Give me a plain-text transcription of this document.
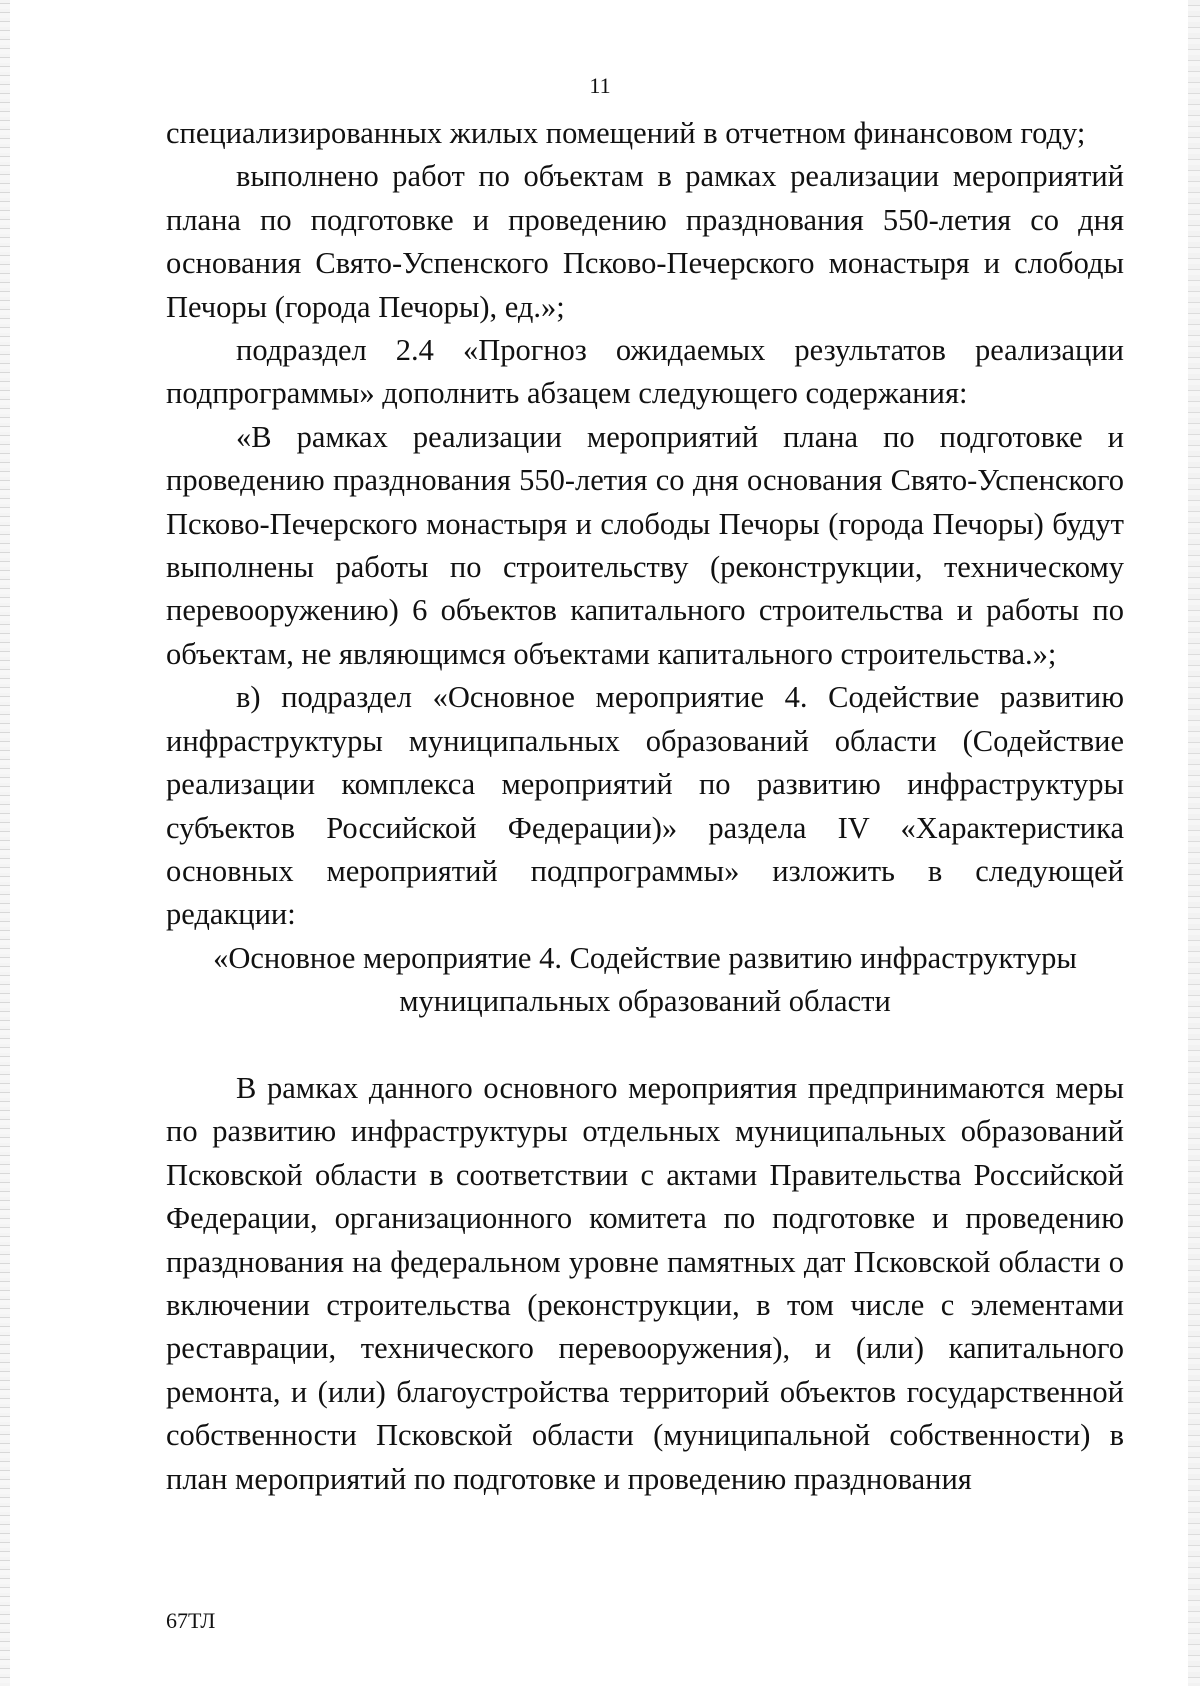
11

специализированных жилых помещений в отчетном финансовом году;

выполнено работ по объектам в рамках реализации мероприятий плана по подготовке и проведению празднования 550-летия со дня основания Свято-Успенского Псково-Печерского монастыря и слободы Печоры (города Печоры), ед.»;

подраздел 2.4 «Прогноз ожидаемых результатов реализации подпрограммы» дополнить абзацем следующего содержания:

«В рамках реализации мероприятий плана по подготовке и проведению празднования 550-летия со дня основания Свято-Успенского Псково-Печерского монастыря и слободы Печоры (города Печоры) будут выполнены работы по строительству (реконструкции, техническому перевооружению) 6 объектов капитального строительства и работы по объектам, не являющимся объектами капитального строительства.»;

в) подраздел «Основное мероприятие 4. Содействие развитию инфраструктуры муниципальных образований области (Содействие реализации комплекса мероприятий по развитию инфраструктуры субъектов Российской Федерации)» раздела IV «Характеристика основных мероприятий подпрограммы» изложить в следующей редакции:

«Основное мероприятие 4. Содействие развитию инфраструктуры

муниципальных образований области

В рамках данного основного мероприятия предпринимаются меры по развитию инфраструктуры отдельных муниципальных образований Псковской области в соответствии с актами Правительства Российской Федерации, организационного комитета по подготовке и проведению празднования на федеральном уровне памятных дат Псковской области о включении строительства (реконструкции, в том числе с элементами реставрации, технического перевооружения), и (или) капитального ремонта, и (или) благоустройства территорий объектов государственной собственности Псковской области (муниципальной собственности) в план мероприятий по подготовке и проведению празднования

67ТЛ
